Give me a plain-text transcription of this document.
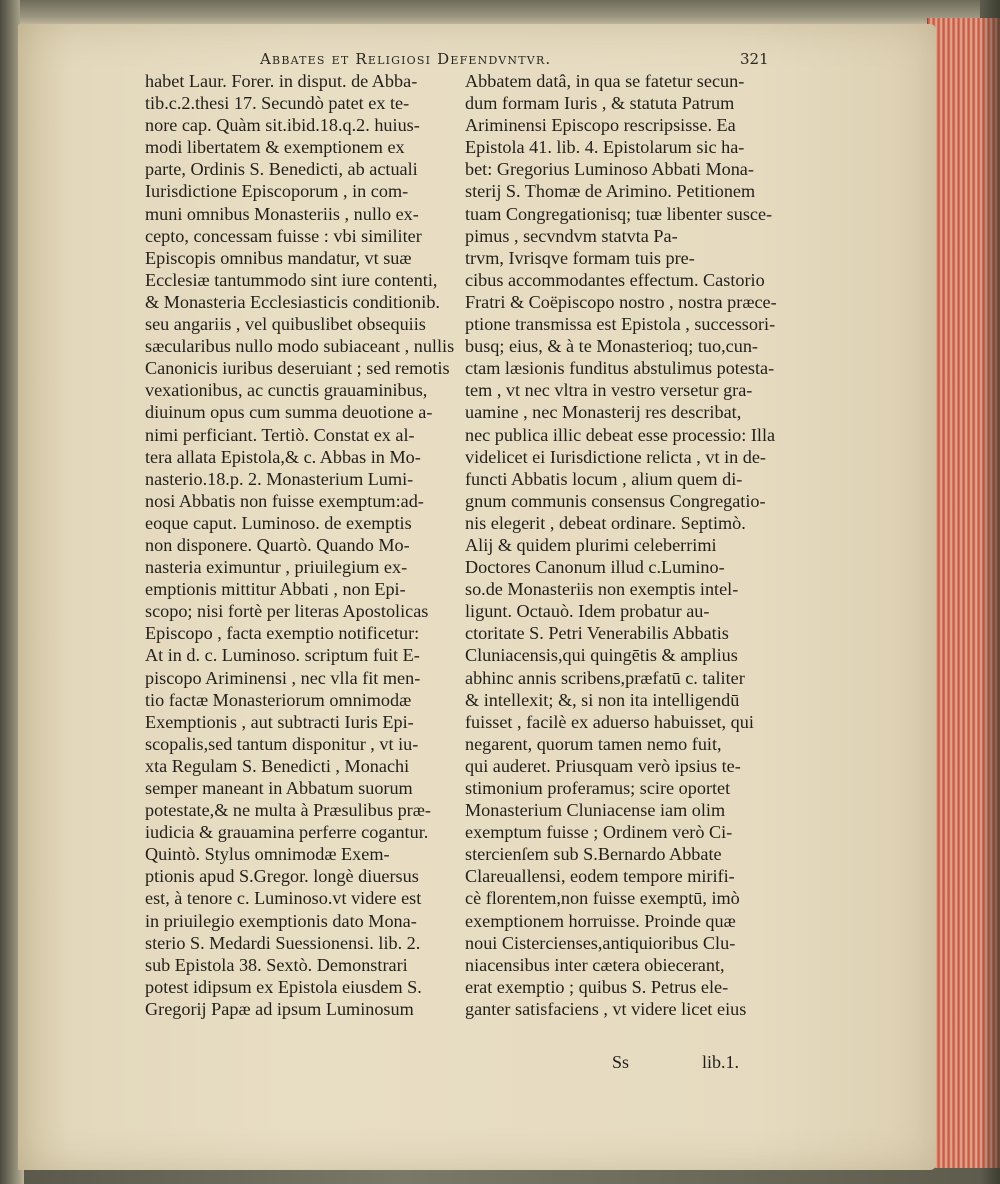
Abbates et Religiosi Defendvntvr.	321
habet Laur. Forer. in disput. de Abba-
tib.c.2.thesi 17. Secundò patet ex te-
nore cap. Quàm sit.ibid.18.q.2. huius-
modi libertatem & exemptionem ex
parte, Ordinis S. Benedicti, ab actuali
Iurisdictione Episcoporum , in com-
muni omnibus Monasteriis , nullo ex-
cepto, concessam fuisse : vbi similiter
Episcopis omnibus mandatur, vt suæ
Ecclesiæ tantummodo sint iure contenti,
& Monasteria Ecclesiasticis conditionib.
seu angariis , vel quibuslibet obsequiis
sæcularibus nullo modo subiaceant , nullis
Canonicis iuribus deseruiant ; sed remotis
vexationibus, ac cunctis grauaminibus,
diuinum opus cum summa deuotione a-
nimi perficiant. Tertiò. Constat ex al-
tera allata Epistola,& c. Abbas in Mo-
nasterio.18.p. 2. Monasterium Lumi-
nosi Abbatis non fuisse exemptum:ad-
eoque caput. Luminoso. de exemptis
non disponere. Quartò. Quando Mo-
nasteria eximuntur , priuilegium ex-
emptionis mittitur Abbati , non Epi-
scopo; nisi fortè per literas Apostolicas
Episcopo , facta exemptio notificetur:
At in d. c. Luminoso. scriptum fuit E-
piscopo Ariminensi , nec vlla fit men-
tio factæ Monasteriorum omnimodæ
Exemptionis , aut subtracti Iuris Epi-
scopalis,sed tantum disponitur , vt iu-
xta Regulam S. Benedicti , Monachi
semper maneant in Abbatum suorum
potestate,& ne multa à Præsulibus præ-
iudicia & grauamina perferre cogantur.
Quintò. Stylus omnimodæ Exem-
ptionis apud S.Gregor. longè diuersus
est, à tenore c. Luminoso.vt videre est
in priuilegio exemptionis dato Mona-
sterio S. Medardi Suessionensi. lib. 2.
sub Epistola 38. Sextò. Demonstrari
potest idipsum ex Epistola eiusdem S.
Gregorij Papæ ad ipsum Luminosum
Abbatem datâ, in qua se fatetur secun-
dum formam Iuris , & statuta Patrum
Ariminensi Episcopo rescripsisse. Ea
Epistola 41. lib. 4. Epistolarum sic ha-
bet: Gregorius Luminoso Abbati Mona-
sterij S. Thomæ de Arimino. Petitionem
tuam Congregationisq; tuæ libenter susce-
pimus , secvndvm statvta Pa-
trvm, Ivrisqve formam tuis pre-
cibus accommodantes effectum. Castorio
Fratri & Coëpiscopo nostro , nostra præce-
ptione transmissa est Epistola , successori-
busq; eius, & à te Monasterioq; tuo,cun-
ctam læsionis funditus abstulimus potesta-
tem , vt nec vltra in vestro versetur gra-
uamine , nec Monasterij res describat,
nec publica illic debeat esse processio: Illa
videlicet ei Iurisdictione relicta , vt in de-
functi Abbatis locum , alium quem di-
gnum communis consensus Congregatio-
nis elegerit , debeat ordinare. Septimò.
Alij & quidem plurimi celeberrimi
Doctores Canonum illud c.Lumino-
so.de Monasteriis non exemptis intel-
ligunt. Octauò. Idem probatur au-
ctoritate S. Petri Venerabilis Abbatis
Cluniacensis,qui quingētis & amplius
abhinc annis scribens,præfatū c. taliter
& intellexit; &, si non ita intelligendū
fuisset , facilè ex aduerso habuisset, qui
negarent, quorum tamen nemo fuit,
qui auderet. Priusquam verò ipsius te-
stimonium proferamus; scire oportet
Monasterium Cluniacense iam olim
exemptum fuisse ; Ordinem verò Ci-
stercienſem sub S.Bernardo Abbate
Clareuallensi, eodem tempore mirifi-
cè florentem,non fuisse exemptū, imò
exemptionem horruisse. Proinde quæ
noui Cistercienses,antiquioribus Clu-
niacensibus inter cætera obiecerant,
erat exemptio ; quibus S. Petrus ele-
ganter satisfaciens , vt videre licet eius
Ss	lib.1.
